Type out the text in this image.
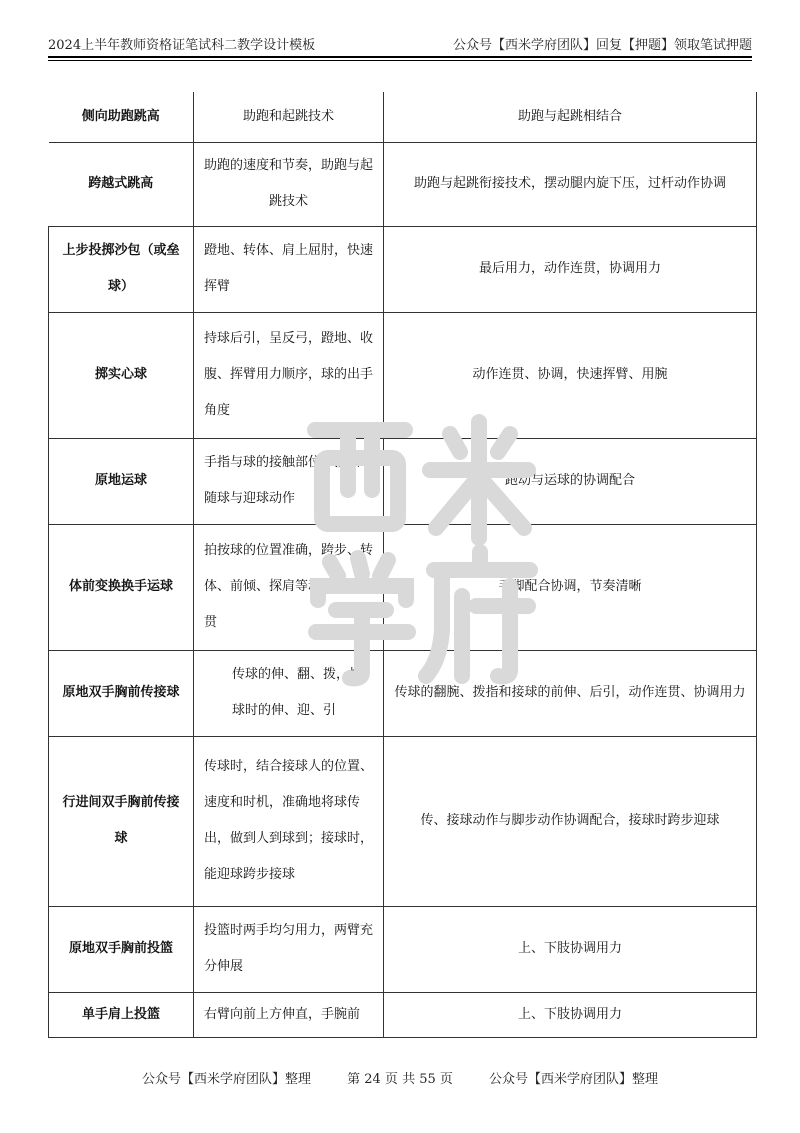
2024上半年教师资格证笔试科二教学设计模板	公众号【西米学府团队】回复【押题】领取笔试押题
侧向助跑跳高	助跑和起跳技术	助跑与起跳相结合
跨越式跳高	助跑的速度和节奏，助跑与起跳技术	助跑与起跳衔接技术，摆动腿内旋下压，过杆动作协调
上步投掷沙包（或垒球）	蹬地、转体、肩上屈肘，快速挥臂	最后用力，动作连贯，协调用力
掷实心球	持球后引，呈反弓，蹬地、收腹、挥臂用力顺序，球的出手角度	动作连贯、协调，快速挥臂、用腕
原地运球	手指与球的接触部位，按拍时随球与迎球动作	跑动与运球的协调配合
体前变换换手运球	拍按球的位置准确，跨步、转体、前倾、探肩等动作协调连贯	手脚配合协调，节奏清晰
原地双手胸前传接球	传球的伸、翻、拨，接球时的伸、迎、引	传球的翻腕、拨指和接球的前伸、后引，动作连贯、协调用力
行进间双手胸前传接球	传球时，结合接球人的位置、速度和时机，准确地将球传出，做到人到球到；接球时，能迎球跨步接球	传、接球动作与脚步动作协调配合，接球时跨步迎球
原地双手胸前投篮	投篮时两手均匀用力，两臂充分伸展	上、下肢协调用力
单手肩上投篮	右臂向前上方伸直，手腕前	上、下肢协调用力
公众号【西米学府团队】整理	第 24 页 共 55 页	公众号【西米学府团队】整理
